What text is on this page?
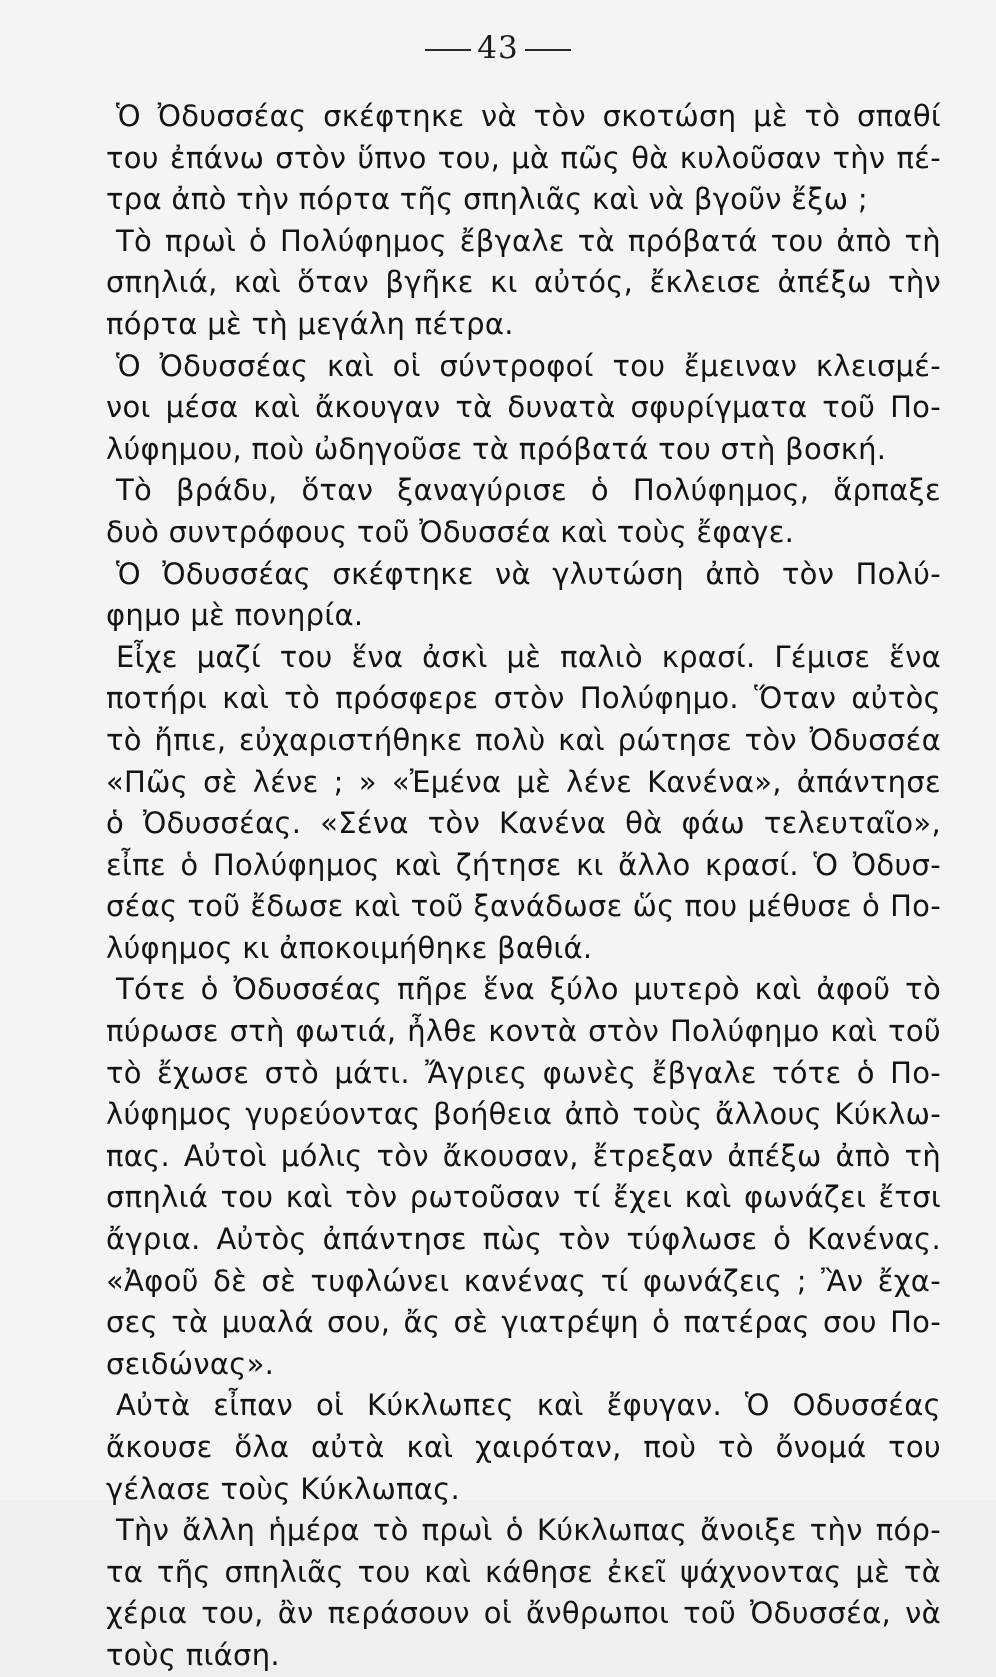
43
Ὁ Ὀδυσσέας σκέφτηκε νὰ τὸν σκοτώση μὲ τὸ σπαθί
του ἐπάνω στὸν ὕπνο του, μὰ πῶς θὰ κυλοῦσαν τὴν πέ-
τρα ἀπὸ τὴν πόρτα τῆς σπηλιᾶς καὶ νὰ βγοῦν ἔξω ;
Τὸ πρωὶ ὁ Πολύφημος ἔβγαλε τὰ πρόβατά του ἀπὸ τὴ
σπηλιά, καὶ ὅταν βγῆκε κι αὐτός, ἔκλεισε ἀπέξω τὴν
πόρτα μὲ τὴ μεγάλη πέτρα.
Ὁ Ὀδυσσέας καὶ οἱ σύντροφοί του ἔμειναν κλεισμέ-
νοι μέσα καὶ ἄκουγαν τὰ δυνατὰ σφυρίγματα τοῦ Πο-
λύφημου, ποὺ ὠδηγοῦσε τὰ πρόβατά του στὴ βοσκή.
Τὸ βράδυ, ὅταν ξαναγύρισε ὁ Πολύφημος, ἅρπαξε
δυὸ συντρόφους τοῦ Ὀδυσσέα καὶ τοὺς ἔφαγε.
Ὁ Ὀδυσσέας σκέφτηκε νὰ γλυτώση ἀπὸ τὸν Πολύ-
φημο μὲ πονηρία.
Εἶχε μαζί του ἕνα ἀσκὶ μὲ παλιὸ κρασί. Γέμισε ἕνα
ποτήρι καὶ τὸ πρόσφερε στὸν Πολύφημο. Ὅταν αὐτὸς
τὸ ἤπιε, εὐχαριστήθηκε πολὺ καὶ ρώτησε τὸν Ὀδυσσέα
«Πῶς σὲ λένε ; » «Ἐμένα μὲ λένε Κανένα», ἀπάντησε
ὁ Ὀδυσσέας. «Σένα τὸν Κανένα θὰ φάω τελευταῖο»,
εἶπε ὁ Πολύφημος καὶ ζήτησε κι ἄλλο κρασί. Ὁ Ὀδυσ-
σέας τοῦ ἔδωσε καὶ τοῦ ξανάδωσε ὥς που μέθυσε ὁ Πο-
λύφημος κι ἀποκοιμήθηκε βαθιά.
Τότε ὁ Ὀδυσσέας πῆρε ἕνα ξύλο μυτερὸ καὶ ἀφοῦ τὸ
πύρωσε στὴ φωτιά, ἦλθε κοντὰ στὸν Πολύφημο καὶ τοῦ
τὸ ἔχωσε στὸ μάτι. Ἄγριες φωνὲς ἔβγαλε τότε ὁ Πο-
λύφημος γυρεύοντας βοήθεια ἀπὸ τοὺς ἄλλους Κύκλω-
πας. Αὐτοὶ μόλις τὸν ἄκουσαν, ἔτρεξαν ἀπέξω ἀπὸ τὴ
σπηλιά του καὶ τὸν ρωτοῦσαν τί ἔχει καὶ φωνάζει ἔτσι
ἄγρια. Αὐτὸς ἀπάντησε πὼς τὸν τύφλωσε ὁ Κανένας.
«Ἀφοῦ δὲ σὲ τυφλώνει κανένας τί φωνάζεις ; Ἂν ἔχα-
σες τὰ μυαλά σου, ἄς σὲ γιατρέψη ὁ πατέρας σου Πο-
σειδώνας».
Αὐτὰ εἶπαν οἱ Κύκλωπες καὶ ἔφυγαν. Ὁ Οδυσσέας
ἄκουσε ὅλα αὐτὰ καὶ χαιρόταν, ποὺ τὸ ὄνομά του
γέλασε τοὺς Κύκλωπας.
Τὴν ἄλλη ἡμέρα τὸ πρωὶ ὁ Κύκλωπας ἄνοιξε τὴν πόρ-
τα τῆς σπηλιᾶς του καὶ κάθησε ἐκεῖ ψάχνοντας μὲ τὰ
χέρια του, ἂν περάσουν οἱ ἄνθρωποι τοῦ Ὀδυσσέα, νὰ
τοὺς πιάση.
